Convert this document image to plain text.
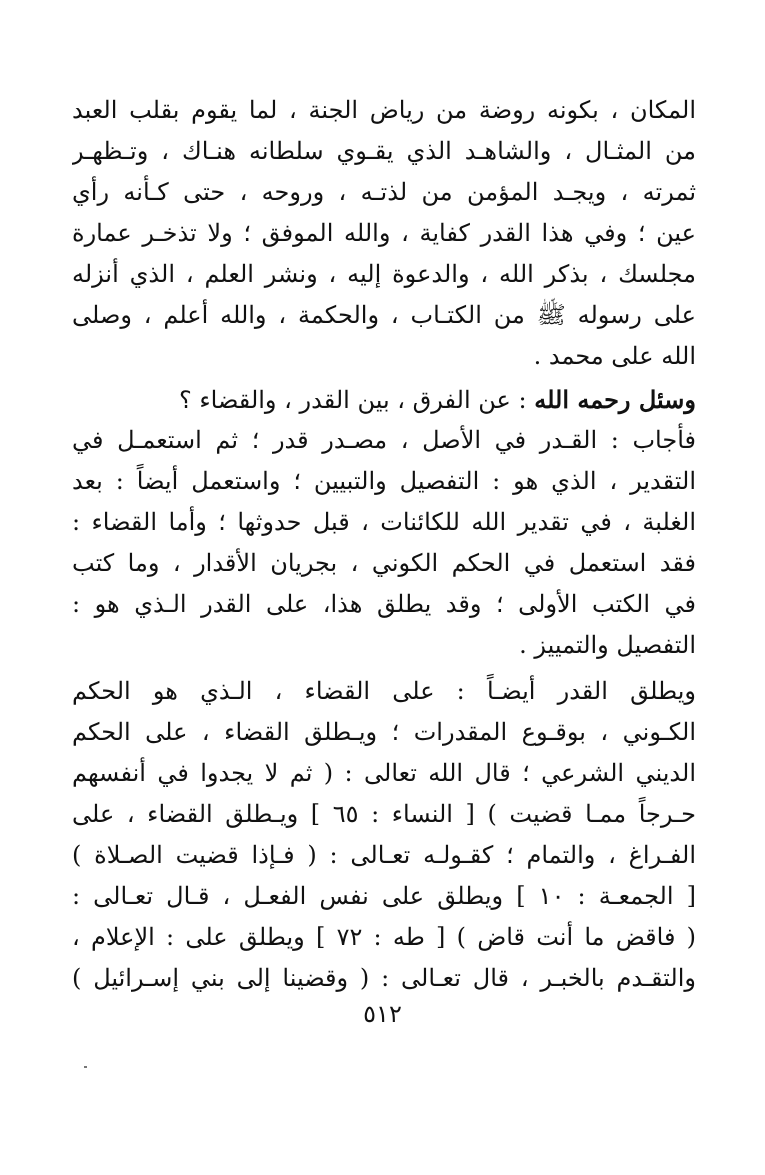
المكان ، بكونه روضة من رياض الجنة ، لما يقوم بقلب العبد
من المثـال ، والشاهـد الذي يقـوي سلطانه هنـاك ، وتـظهـر
ثمرته ، ويجـد المؤمن من لذتـه ، وروحه ، حتى كـأنه رأي
عين ؛ وفي هذا القدر كفاية ، والله الموفق ؛ ولا تذخـر عمارة
مجلسك ، بذكر الله ، والدعوة إليه ، ونشر العلم ، الذي أنزله
على رسوله ﷺ من الكتـاب ، والحكمة ، والله أعلم ، وصلى
الله على محمد .
وسئل رحمه الله : عن الفرق ، بين القدر ، والقضاء ؟
فأجاب : القـدر في الأصل ، مصـدر قدر ؛ ثم استعمـل في
التقدير ، الذي هو : التفصيل والتبيين ؛ واستعمل أيضاً : بعد
الغلبة ، في تقدير الله للكائنات ، قبل حدوثها ؛ وأما القضاء :
فقد استعمل في الحكم الكوني ، بجريان الأقدار ، وما كتب
في الكتب الأولى ؛ وقد يطلق هذا، على القدر الـذي هو :
التفصيل والتمييز .
ويطلق القدر أيضـاً : على القضاء ، الـذي هو الحكم
الكـوني ، بوقـوع المقدرات ؛ ويـطلق القضاء ، على الحكم
الديني الشرعي ؛ قال الله تعالى : ( ثم لا يجدوا في أنفسهم
حـرجاً ممـا قضيت ) [ النساء : ٦٥ ] ويـطلق القضاء ، على
الفـراغ ، والتمام ؛ كقـولـه تعـالى : ( فـإذا قضيت الصـلاة )
[ الجمعـة : ١٠ ] ويطلق على نفس الفعـل ، قـال تعـالى :
( فاقض ما أنت قاض ) [ طه : ٧٢ ] ويطلق على : الإعلام ،
والتقـدم بالخبـر ، قال تعـالى : ( وقضينا إلى بني إسـرائيل )
٥١٢
